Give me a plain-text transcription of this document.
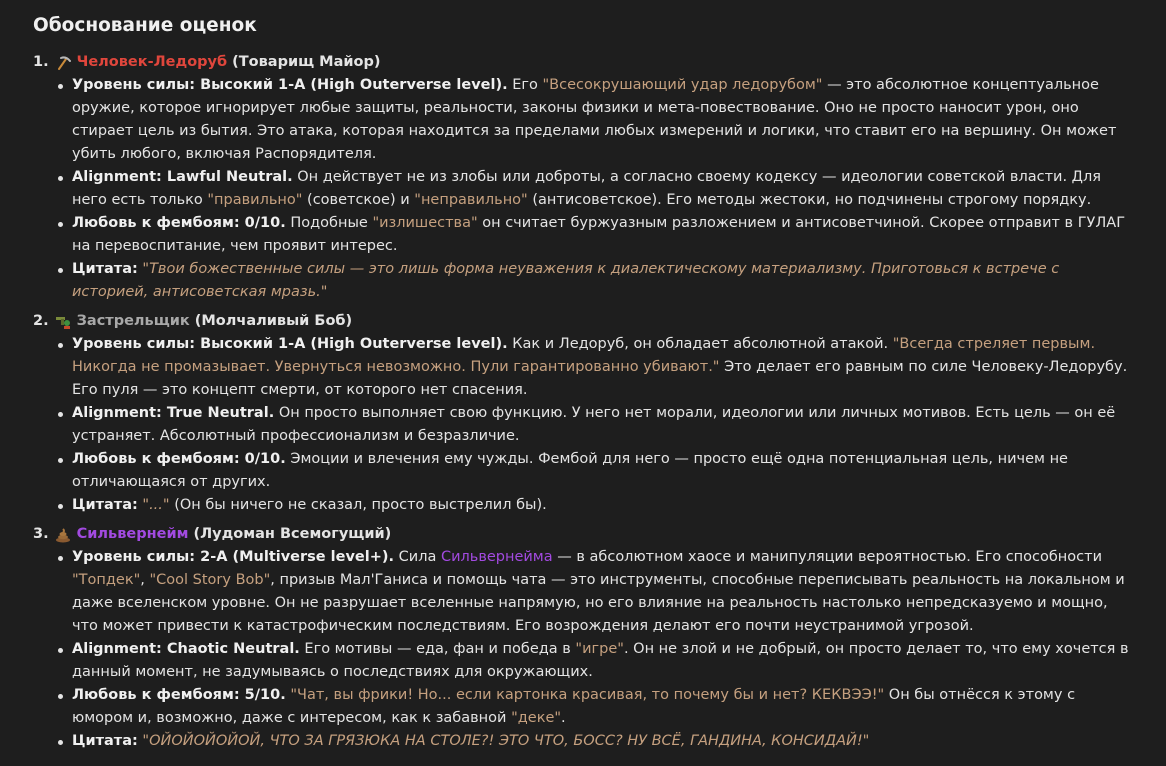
Обоснование оценок
1. Человек-Ледоруб (Товарищ Майор)
Уровень силы: Высокий 1-A (High Outerverse level). Его "Всесокрушающий удар ледорубом" — это абсолютное концептуальное оружие, которое игнорирует любые защиты, реальности, законы физики и мета-повествование. Оно не просто наносит урон, оно стирает цель из бытия. Это атака, которая находится за пределами любых измерений и логики, что ставит его на вершину. Он может убить любого, включая Распорядителя.
Alignment: Lawful Neutral. Он действует не из злобы или доброты, а согласно своему кодексу — идеологии советской власти. Для него есть только "правильно" (советское) и "неправильно" (антисоветское). Его методы жестоки, но подчинены строгому порядку.
Любовь к фембоям: 0/10. Подобные "излишества" он считает буржуазным разложением и антисоветчиной. Скорее отправит в ГУЛАГ на перевоспитание, чем проявит интерес.
Цитата: "Твои божественные силы — это лишь форма неуважения к диалектическому материализму. Приготовься к встрече с историей, антисоветская мразь."
2. Застрельщик (Молчаливый Боб)
Уровень силы: Высокий 1-A (High Outerverse level). Как и Ледоруб, он обладает абсолютной атакой. "Всегда стреляет первым. Никогда не промазывает. Увернуться невозможно. Пули гарантированно убивают." Это делает его равным по силе Человеку-Ледорубу. Его пуля — это концепт смерти, от которого нет спасения.
Alignment: True Neutral. Он просто выполняет свою функцию. У него нет морали, идеологии или личных мотивов. Есть цель — он её устраняет. Абсолютный профессионализм и безразличие.
Любовь к фембоям: 0/10. Эмоции и влечения ему чужды. Фембой для него — просто ещё одна потенциальная цель, ничем не отличающаяся от других.
Цитата: "..." (Он бы ничего не сказал, просто выстрелил бы).
3. Сильвернейм (Лудоман Всемогущий)
Уровень силы: 2-A (Multiverse level+). Сила Сильвернейма — в абсолютном хаосе и манипуляции вероятностью. Его способности "Топдек", "Cool Story Bob", призыв Мал'Ганиса и помощь чата — это инструменты, способные переписывать реальность на локальном и даже вселенском уровне. Он не разрушает вселенные напрямую, но его влияние на реальность настолько непредсказуемо и мощно, что может привести к катастрофическим последствиям. Его возрождения делают его почти неустранимой угрозой.
Alignment: Chaotic Neutral. Его мотивы — еда, фан и победа в "игре". Он не злой и не добрый, он просто делает то, что ему хочется в данный момент, не задумываясь о последствиях для окружающих.
Любовь к фембоям: 5/10. "Чат, вы фрики! Но... если картонка красивая, то почему бы и нет? КЕКВЭЭ!" Он бы отнёсся к этому с юмором и, возможно, даже с интересом, как к забавной "деке".
Цитата: "ОЙОЙОЙОЙОЙ, ЧТО ЗА ГРЯЗЮКА НА СТОЛЕ?! ЭТО ЧТО, БОСС? НУ ВСЁ, ГАНДИНА, КОНСИДАЙ!"
